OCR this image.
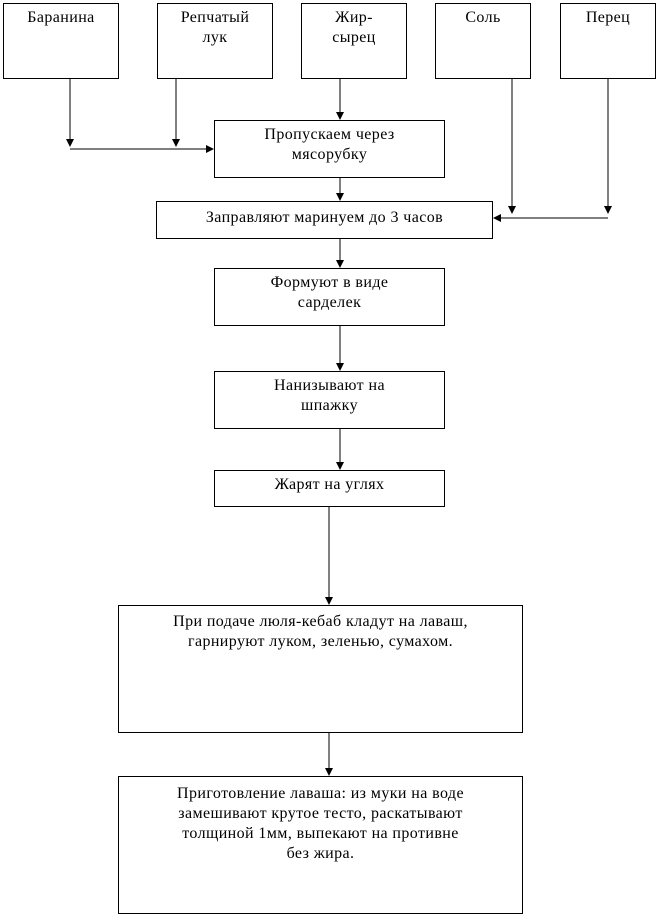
Баранина	Репчатый
лук
Жир-
сырец
Соль	Перец
Пропускаем через
мясорубку
Заправляют маринуем до 3 часов
Формуют в виде
сарделек
Нанизывают на
шпажку
Жарят на углях
При подаче люля-кебаб кладут на лаваш,
гарнируют луком, зеленью, сумахом.
Приготовление лаваша: из муки на воде
замешивают крутое тесто, раскатывают
толщиной 1мм, выпекают на противне
без жира.
